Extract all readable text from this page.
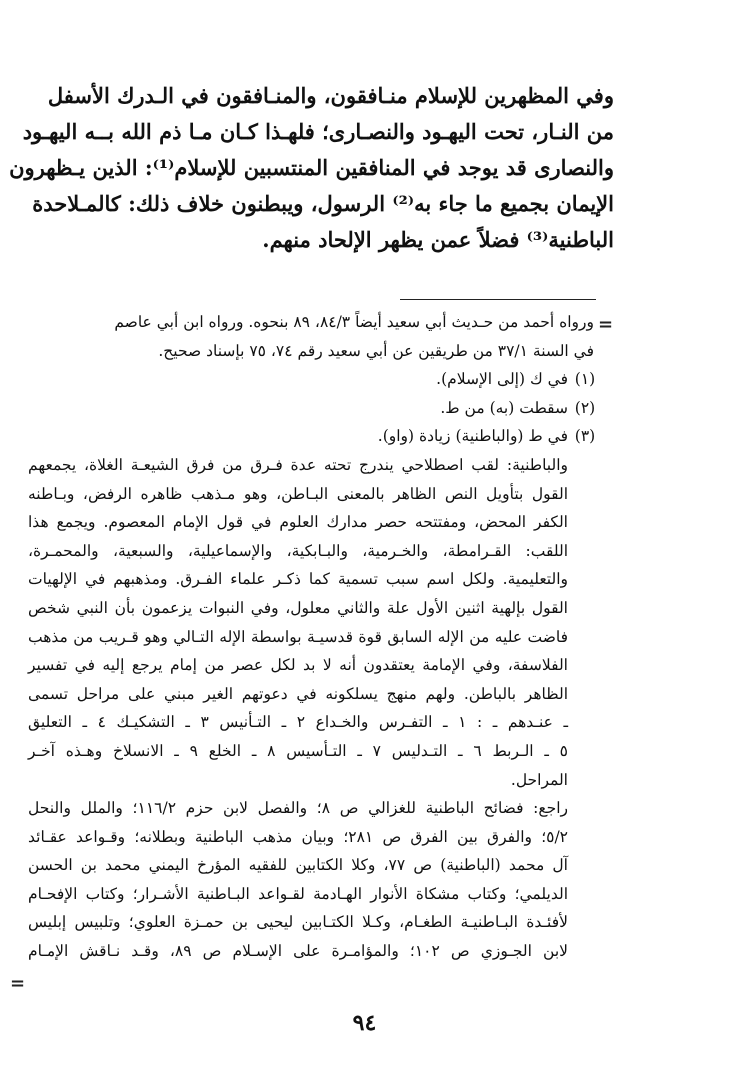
وفي المظهرين للإسلام منـافقون، والمنـافقون في الـدرك الأسفل
من النـار، تحت اليهـود والنصـارى؛ فلهـذا كـان مـا ذم الله بــه اليهـود
والنصارى قد يوجد في المنافقين المنتسبين للإسلام⁽¹⁾: الذين يـظهرون
الإيمان بجميع ما جاء به⁽²⁾ الرسول، ويبطنون خلاف ذلك: كالمـلاحدة
الباطنية⁽³⁾ فضلاً عمن يظهر الإلحاد منهم.
=
ورواه أحمد من حـديث أبي سعيد أيضاً ٨٤/٣، ٨٩ بنحوه. ورواه ابن أبي عاصم
في السنة ٣٧/١ من طريقين عن أبي سعيد رقم ٧٤، ٧٥ بإسناد صحيح.
(١)
في ك (إلى الإسلام).
(٢)
سقطت (به) من ط.
(٣)
في ط (والباطنية) زيادة (واو).
والباطنية: لقب اصطلاحي يندرج تحته عدة فـرق من فرق الشيعـة الغلاة، يجمعهم
القول بتأويل النص الظاهر بالمعنى البـاطن، وهو مـذهب ظاهره الرفض، وبـاطنه
الكفر المحض، ومفتتحه حصر مدارك العلوم في قول الإمام المعصوم. ويجمع هذا
اللقب: القـرامطة، والخـرمية، والبـابكية، والإسماعيلية، والسبعية، والمحمـرة،
والتعليمية. ولكل اسم سبب تسمية كما ذكـر علماء الفـرق. ومذهبهم في الإلهيات
القول بإلهية اثنين الأول علة والثاني معلول، وفي النبوات يزعمون بأن النبي شخص
فاضت عليه من الإله السابق قوة قدسيـة بواسطة الإله التـالي وهو قـريب من مذهب
الفلاسفة، وفي الإمامة يعتقدون أنه لا بد لكل عصر من إمام يرجع إليه في تفسير
الظاهر بالباطن. ولهم منهج يسلكونه في دعوتهم الغير مبني على مراحل تسمى
ـ عنـدهم ـ : ١ ـ التفـرس والخـداع ٢ ـ التـأنيس ٣ ـ التشكيـك ٤ ـ التعليق
٥ ـ الـربط ٦ ـ التـدليس ٧ ـ التـأسيس ٨ ـ الخلع ٩ ـ الانسلاخ وهـذه آخـر
المراحل.
راجع: فضائح الباطنية للغزالي ص ٨؛ والفصل لابن حزم ١١٦/٢؛ والملل والنحل
٥/٢؛ والفرق بين الفرق ص ٢٨١؛ وبيان مذهب الباطنية وبطلانه؛ وقـواعد عقـائد
آل محمد (الباطنية) ص ٧٧، وكلا الكتابين للفقيه المؤرخ اليمني محمد بن الحسن
الديلمي؛ وكتاب مشكاة الأنوار الهـادمة لقـواعد البـاطنية الأشـرار؛ وكتاب الإفحـام
لأفئـدة البـاطنيـة الطغـام، وكـلا الكتـابين ليحيى بن حمـزة العلوي؛ وتلبيس إبليس
لابن الجـوزي ص ١٠٢؛ والمؤامـرة على الإسـلام ص ٨٩، وقـد نـاقش الإمـام
=
٩٤
